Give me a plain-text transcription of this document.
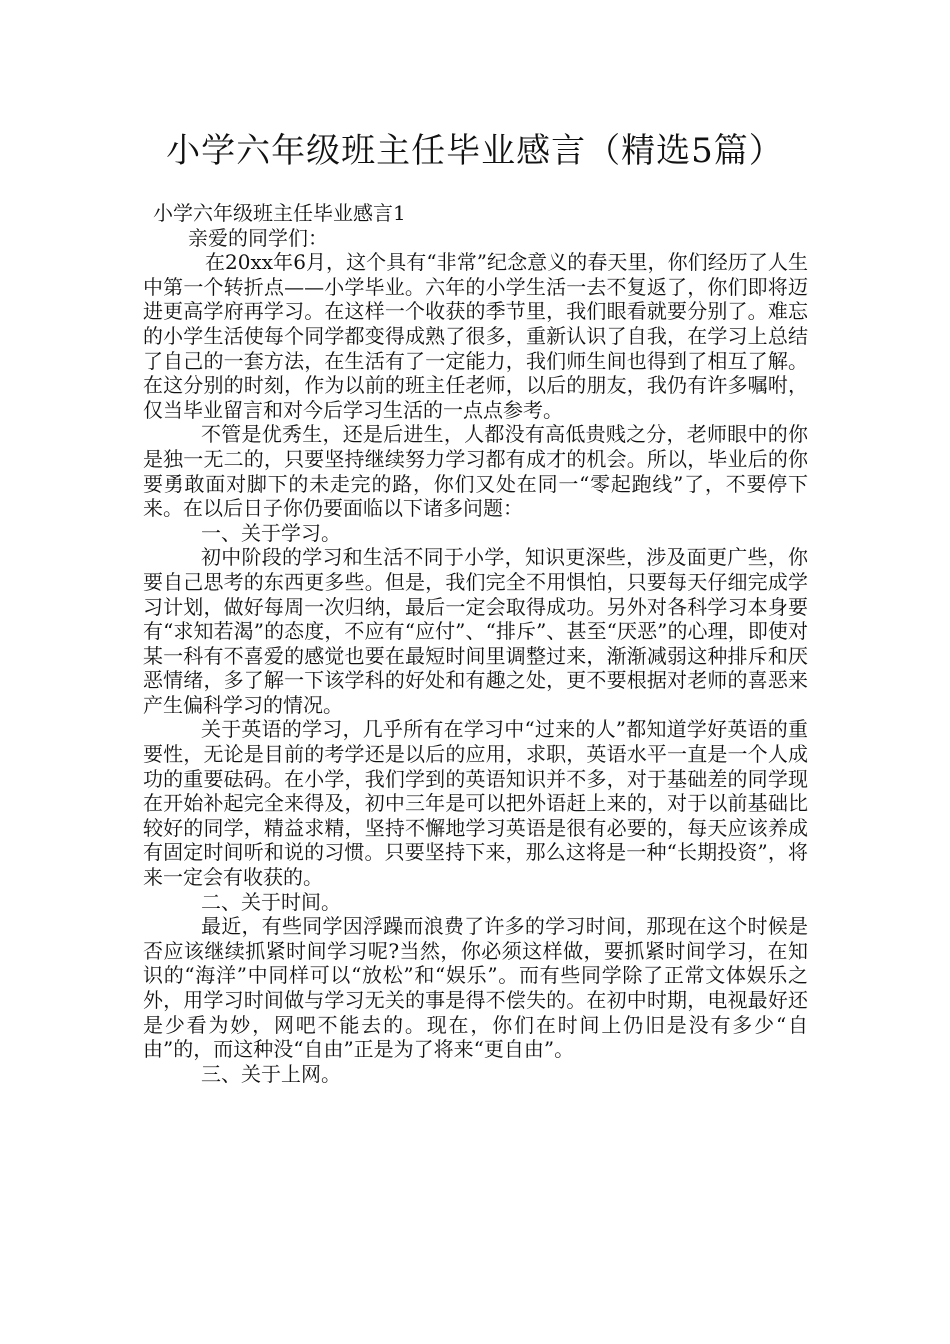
小学六年级班主任毕业感言（精选5篇）

小学六年级班主任毕业感言1

亲爱的同学们：

在20xx年6月，这个具有“非常”纪念意义的春天里，你们经历了人生中第一个转折点——小学毕业。六年的小学生活一去不复返了，你们即将迈进更高学府再学习。在这样一个收获的季节里，我们眼看就要分别了。难忘的小学生活使每个同学都变得成熟了很多，重新认识了自我，在学习上总结了自己的一套方法，在生活有了一定能力，我们师生间也得到了相互了解。在这分别的时刻，作为以前的班主任老师，以后的朋友，我仍有许多嘱咐，仅当毕业留言和对今后学习生活的一点点参考。

不管是优秀生，还是后进生，人都没有高低贵贱之分，老师眼中的你是独一无二的，只要坚持继续努力学习都有成才的机会。所以，毕业后的你要勇敢面对脚下的未走完的路，你们又处在同一“零起跑线”了，不要停下来。在以后日子你仍要面临以下诸多问题：

一、关于学习。

初中阶段的学习和生活不同于小学，知识更深些，涉及面更广些，你要自己思考的东西更多些。但是，我们完全不用惧怕，只要每天仔细完成学习计划，做好每周一次归纳，最后一定会取得成功。另外对各科学习本身要有“求知若渴”的态度，不应有“应付”、“排斥”、甚至“厌恶”的心理，即使对某一科有不喜爱的感觉也要在最短时间里调整过来，渐渐减弱这种排斥和厌恶情绪，多了解一下该学科的好处和有趣之处，更不要根据对老师的喜恶来产生偏科学习的情况。

关于英语的学习，几乎所有在学习中“过来的人”都知道学好英语的重要性，无论是目前的考学还是以后的应用，求职，英语水平一直是一个人成功的重要砝码。在小学，我们学到的英语知识并不多，对于基础差的同学现在开始补起完全来得及，初中三年是可以把外语赶上来的，对于以前基础比较好的同学，精益求精，坚持不懈地学习英语是很有必要的，每天应该养成有固定时间听和说的习惯。只要坚持下来，那么这将是一种“长期投资”，将来一定会有收获的。

二、关于时间。

最近，有些同学因浮躁而浪费了许多的学习时间，那现在这个时候是否应该继续抓紧时间学习呢?当然，你必须这样做，要抓紧时间学习，在知识的“海洋”中同样可以“放松”和“娱乐”。而有些同学除了正常文体娱乐之外，用学习时间做与学习无关的事是得不偿失的。在初中时期，电视最好还是少看为妙，网吧不能去的。现在，你们在时间上仍旧是没有多少“自由”的，而这种没“自由”正是为了将来“更自由”。

三、关于上网。
